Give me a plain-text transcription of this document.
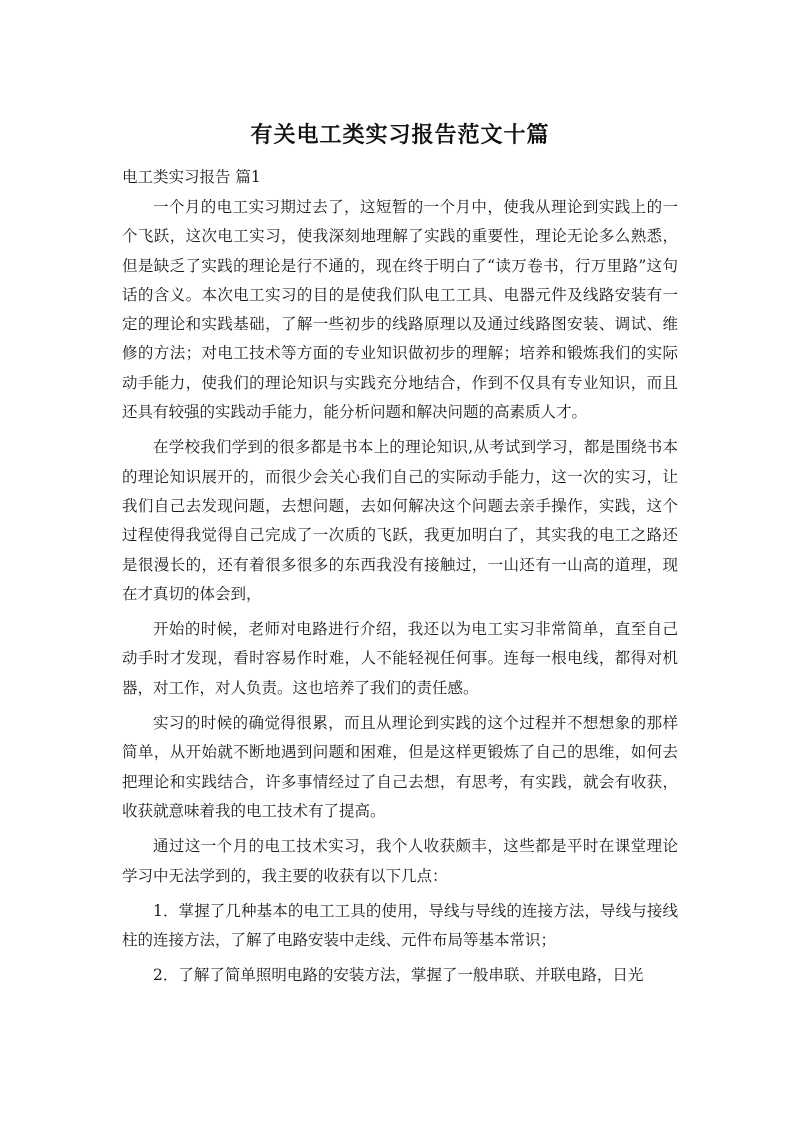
有关电工类实习报告范文十篇
电工类实习报告 篇1

一个月的电工实习期过去了，这短暂的一个月中，使我从理论到实践上的一个飞跃，这次电工实习，使我深刻地理解了实践的重要性，理论无论多么熟悉，但是缺乏了实践的理论是行不通的，现在终于明白了“读万卷书，行万里路”这句话的含义。本次电工实习的目的是使我们队电工工具、电器元件及线路安装有一定的理论和实践基础，了解一些初步的线路原理以及通过线路图安装、调试、维修的方法；对电工技术等方面的专业知识做初步的理解；培养和锻炼我们的实际动手能力，使我们的理论知识与实践充分地结合，作到不仅具有专业知识，而且还具有较强的实践动手能力，能分析问题和解决问题的高素质人才。

在学校我们学到的很多都是书本上的理论知识,从考试到学习，都是围绕书本的理论知识展开的，而很少会关心我们自己的实际动手能力，这一次的实习，让我们自己去发现问题，去想问题，去如何解决这个问题去亲手操作，实践，这个过程使得我觉得自己完成了一次质的飞跃，我更加明白了，其实我的电工之路还是很漫长的，还有着很多很多的东西我没有接触过，一山还有一山高的道理，现在才真切的体会到，

开始的时候，老师对电路进行介绍，我还以为电工实习非常简单，直至自己动手时才发现，看时容易作时难，人不能轻视任何事。连每一根电线，都得对机器，对工作，对人负责。这也培养了我们的责任感。

实习的时候的确觉得很累，而且从理论到实践的这个过程并不想想象的那样简单，从开始就不断地遇到问题和困难，但是这样更锻炼了自己的思维，如何去把理论和实践结合，许多事情经过了自己去想，有思考，有实践，就会有收获，收获就意味着我的电工技术有了提高。

通过这一个月的电工技术实习，我个人收获颇丰，这些都是平时在课堂理论学习中无法学到的，我主要的收获有以下几点：

1．掌握了几种基本的电工工具的使用，导线与导线的连接方法，导线与接线柱的连接方法，了解了电路安装中走线、元件布局等基本常识；

2．了解了简单照明电路的安装方法，掌握了一般串联、并联电路，日光
